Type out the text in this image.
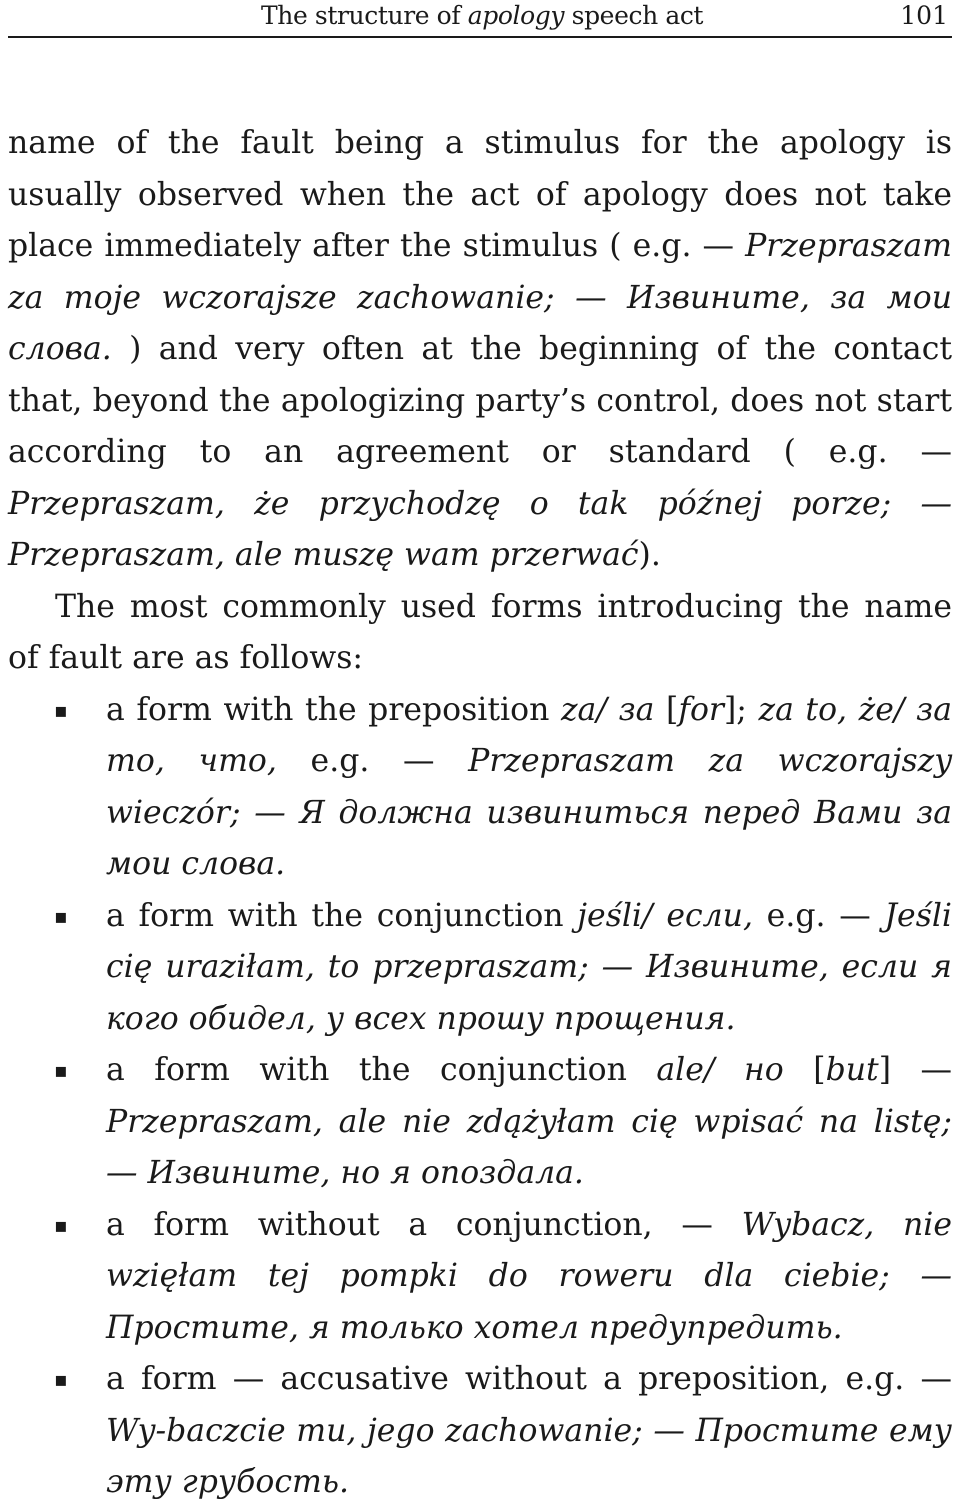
The structure of apology speech act	101

name of the fault being a stimulus for the apology is usually observed when the act of apology does not take place immediately after the stimulus ( e.g. — Przepraszam za moje wczorajsze zachowanie; — Извините, за мои слова. ) and very often at the beginning of the contact that, beyond the apologizing party’s control, does not start according to an agreement or standard ( e.g. — Przepraszam, że przychodzę o tak późnej porze; — Przepraszam, ale muszę wam przerwać).

The most commonly used forms introducing the name of fault are as follows:

▪ a form with the preposition za/ за [for]; za to, że/ за то, что, e.g. — Przepraszam za wczorajszy wieczór; — Я должна извиниться перед Вами за мои слова.
▪ a form with the conjunction jeśli/ если, e.g. — Jeśli cię uraziłam, to przepraszam; — Извините, если я кого обидел, у всех прошу прощения.
▪ a form with the conjunction ale/ но [but] — Przepraszam, ale nie zdążyłam cię wpisać na listę; — Извините, но я опоздала.
▪ a form without a conjunction, — Wybacz, nie wzięłam tej pompki do roweru dla ciebie; — Простите, я только хотел предупредить.
▪ a form — accusative without a preposition, e.g. — Wy-baczcie mu, jego zachowanie; — Простите ему эту грубость.
